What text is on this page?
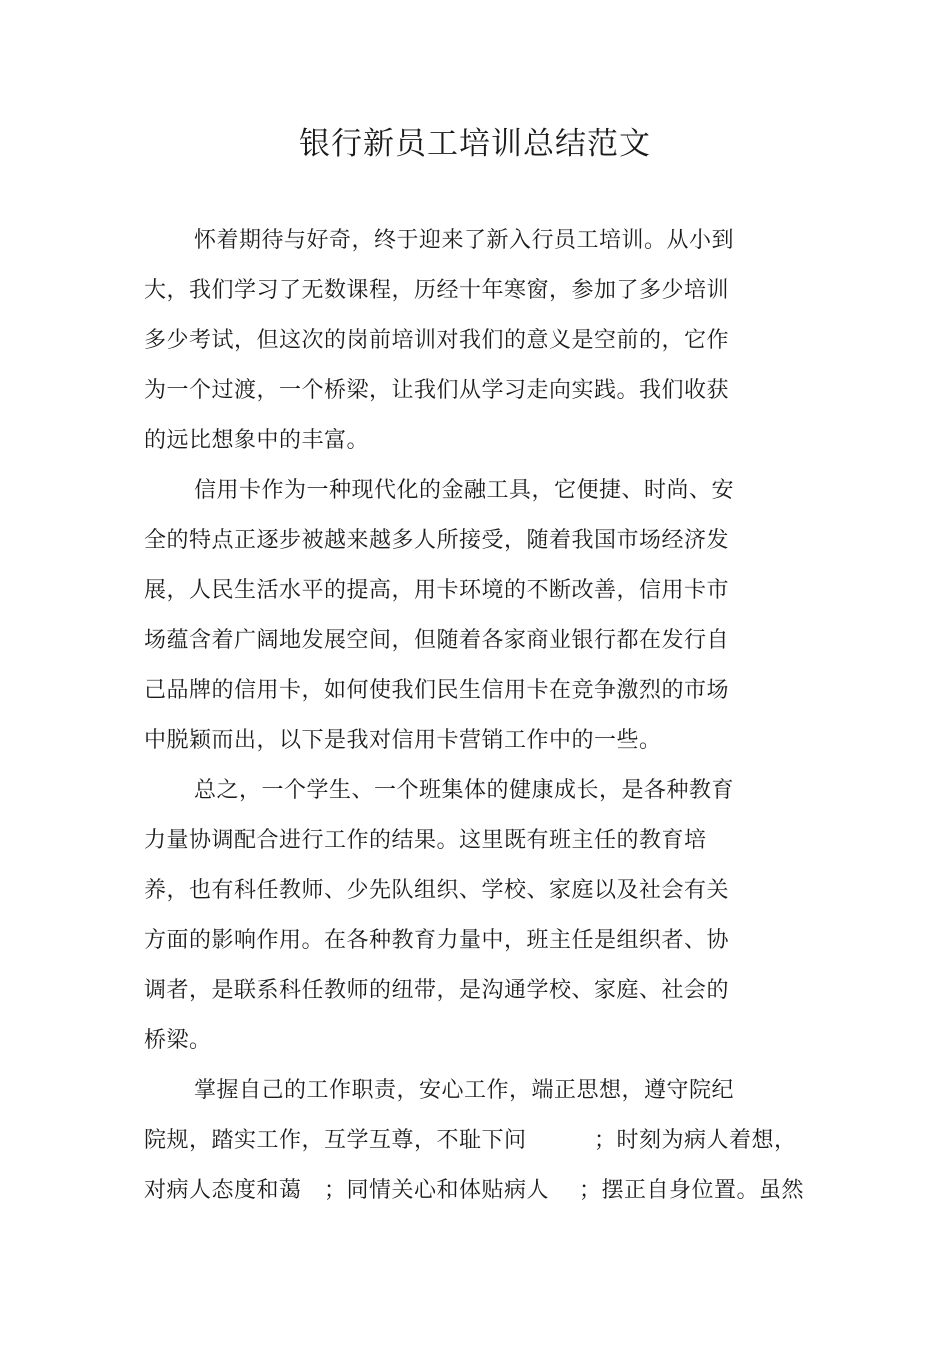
银行新员工培训总结范文

怀着期待与好奇，终于迎来了新入行员工培训。从小到

大，我们学习了无数课程，历经十年寒窗，参加了多少培训

多少考试，但这次的岗前培训对我们的意义是空前的，它作

为一个过渡，一个桥梁，让我们从学习走向实践。我们收获

的远比想象中的丰富。

信用卡作为一种现代化的金融工具，它便捷、时尚、安

全的特点正逐步被越来越多人所接受，随着我国市场经济发

展，人民生活水平的提高，用卡环境的不断改善，信用卡市

场蕴含着广阔地发展空间，但随着各家商业银行都在发行自

己品牌的信用卡，如何使我们民生信用卡在竞争激烈的市场

中脱颖而出，以下是我对信用卡营销工作中的一些。

总之，一个学生、一个班集体的健康成长，是各种教育

力量协调配合进行工作的结果。这里既有班主任的教育培

养，也有科任教师、少先队组织、学校、家庭以及社会有关

方面的影响作用。在各种教育力量中，班主任是组织者、协

调者，是联系科任教师的纽带，是沟通学校、家庭、社会的

桥梁。

掌握自己的工作职责，安心工作，端正思想，遵守院纪

院规，踏实工作，互学互尊，不耻下问         ；时刻为病人着想，

对病人态度和蔼   ；同情关心和体贴病人    ；摆正自身位置。虽然
